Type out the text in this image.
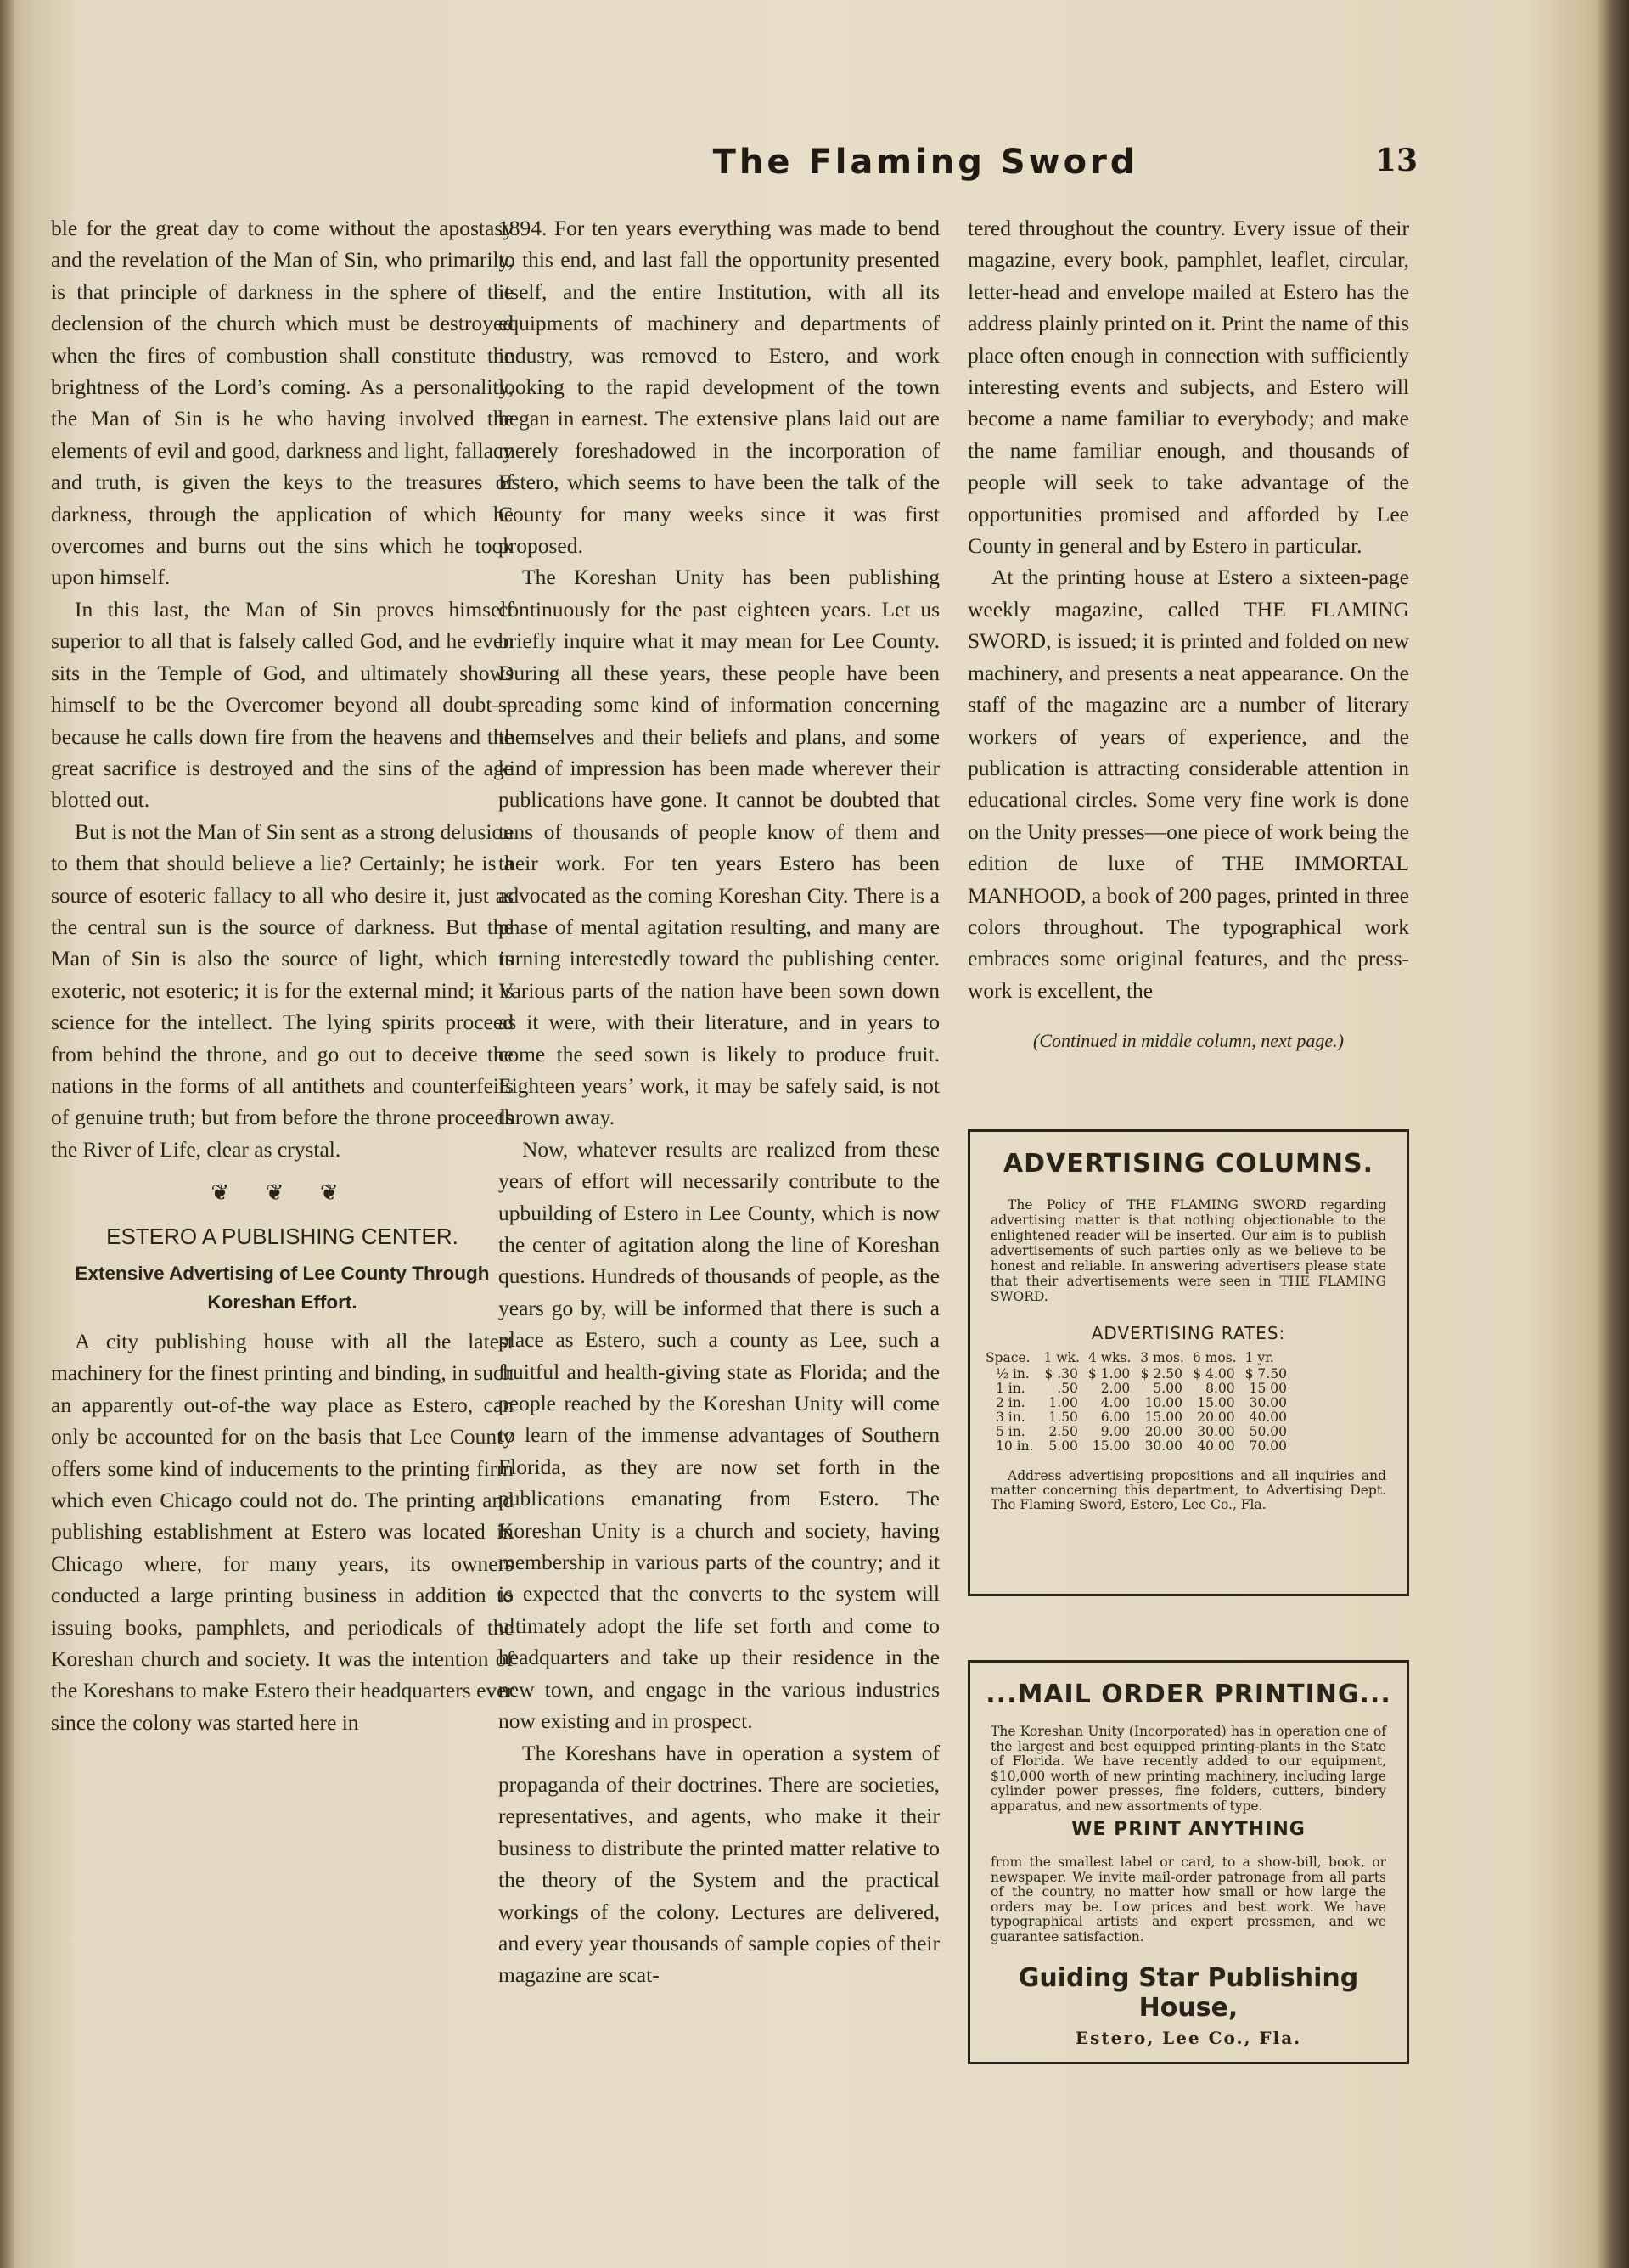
The Flaming Sword	13

ble for the great day to come without the apostasy and the revelation of the Man of Sin, who primarily, is that principle of darkness in the sphere of the declension of the church which must be destroyed when the fires of combustion shall constitute the brightness of the Lord’s coming. As a personality, the Man of Sin is he who having involved the elements of evil and good, darkness and light, fallacy and truth, is given the keys to the treasures of darkness, through the application of which he overcomes and burns out the sins which he took upon himself.

In this last, the Man of Sin proves himself superior to all that is falsely called God, and he even sits in the Temple of God, and ultimately shows himself to be the Overcomer beyond all doubt—because he calls down fire from the heavens and the great sacrifice is destroyed and the sins of the age blotted out.

But is not the Man of Sin sent as a strong delusion to them that should believe a lie? Certainly; he is a source of esoteric fallacy to all who desire it, just as the central sun is the source of darkness. But the Man of Sin is also the source of light, which is exoteric, not esoteric; it is for the external mind; it is science for the intellect. The lying spirits proceed from behind the throne, and go out to deceive the nations in the forms of all antithets and counterfeits of genuine truth; but from before the throne proceeds the River of Life, clear as crystal.

❦ ❦ ❦
ESTERO A PUBLISHING CENTER.
Extensive Advertising of Lee County Through Koreshan Effort.

A city publishing house with all the latest machinery for the finest printing and binding, in such an apparently out-of-the way place as Estero, can only be accounted for on the basis that Lee County offers some kind of inducements to the printing firm which even Chicago could not do. The printing and publishing establishment at Estero was located in Chicago where, for many years, its owners conducted a large printing business in addition to issuing books, pamphlets, and periodicals of the Koreshan church and society. It was the intention of the Koreshans to make Estero their headquarters ever since the colony was started here in

1894. For ten years everything was made to bend to this end, and last fall the opportunity presented itself, and the entire Institution, with all its equipments of machinery and departments of industry, was removed to Estero, and work looking to the rapid development of the town began in earnest. The extensive plans laid out are merely foreshadowed in the incorporation of Estero, which seems to have been the talk of the County for many weeks since it was first proposed.

The Koreshan Unity has been publishing continuously for the past eighteen years. Let us briefly inquire what it may mean for Lee County. During all these years, these people have been spreading some kind of information concerning themselves and their beliefs and plans, and some kind of impression has been made wherever their publications have gone. It cannot be doubted that tens of thousands of people know of them and their work. For ten years Estero has been advocated as the coming Koreshan City. There is a phase of mental agitation resulting, and many are turning interestedly toward the publishing center. Various parts of the nation have been sown down as it were, with their literature, and in years to come the seed sown is likely to produce fruit. Eighteen years’ work, it may be safely said, is not thrown away.

Now, whatever results are realized from these years of effort will necessarily contribute to the upbuilding of Estero in Lee County, which is now the center of agitation along the line of Koreshan questions. Hundreds of thousands of people, as the years go by, will be informed that there is such a place as Estero, such a county as Lee, such a fruitful and health-giving state as Florida; and the people reached by the Koreshan Unity will come to learn of the immense advantages of Southern Florida, as they are now set forth in the publications emanating from Estero. The Koreshan Unity is a church and society, having membership in various parts of the country; and it is expected that the converts to the system will ultimately adopt the life set forth and come to headquarters and take up their residence in the new town, and engage in the various industries now existing and in prospect.

The Koreshans have in operation a system of propaganda of their doctrines. There are societies, representatives, and agents, who make it their business to distribute the printed matter relative to the theory of the System and the practical workings of the colony. Lectures are delivered, and every year thousands of sample copies of their magazine are scat-

tered throughout the country. Every issue of their magazine, every book, pamphlet, leaflet, circular, letter-head and envelope mailed at Estero has the address plainly printed on it. Print the name of this place often enough in connection with sufficiently interesting events and subjects, and Estero will become a name familiar to everybody; and make the name familiar enough, and thousands of people will seek to take advantage of the opportunities promised and afforded by Lee County in general and by Estero in particular.

At the printing house at Estero a sixteen-page weekly magazine, called THE FLAMING SWORD, is issued; it is printed and folded on new machinery, and presents a neat appearance. On the staff of the magazine are a number of literary workers of years of experience, and the publication is attracting considerable attention in educational circles. Some very fine work is done on the Unity presses—one piece of work being the edition de luxe of THE IMMORTAL MANHOOD, a book of 200 pages, printed in three colors throughout. The typographical work embraces some original features, and the press-work is excellent, the

(Continued in middle column, next page.)
ADVERTISING COLUMNS.
The Policy of THE FLAMING SWORD regarding advertising matter is that nothing objectionable to the enlightened reader will be inserted. Our aim is to publish advertisements of such parties only as we believe to be honest and reliable. In answering advertisers please state that their advertisements were seen in THE FLAMING SWORD.
ADVERTISING RATES:
Space.	1 wk.	4 wks.	3 mos.	6 mos.	1 yr.
½ in.	$ .30	$ 1.00	$ 2.50	$ 4.00	$ 7.50
1 in.	.50	2.00	5.00	8.00	15 00
2 in.	1.00	4.00	10.00	15.00	30.00
3 in.	1.50	6.00	15.00	20.00	40.00
5 in.	2.50	9.00	20.00	30.00	50.00
10 in.	5.00	15.00	30.00	40.00	70.00
Address advertising propositions and all inquiries and matter concerning this department, to Advertising Dept. The Flaming Sword, Estero, Lee Co., Fla.
...MAIL ORDER PRINTING...
The Koreshan Unity (Incorporated) has in operation one of the largest and best equipped printing-plants in the State of Florida. We have recently added to our equipment, $10,000 worth of new printing machinery, including large cylinder power presses, fine folders, cutters, bindery apparatus, and new assortments of type.
WE PRINT ANYTHING
from the smallest label or card, to a show-bill, book, or newspaper. We invite mail-order patronage from all parts of the country, no matter how small or how large the orders may be. Low prices and best work. We have typographical artists and expert pressmen, and we guarantee satisfaction.
Guiding Star Publishing House,
Estero, Lee Co., Fla.
